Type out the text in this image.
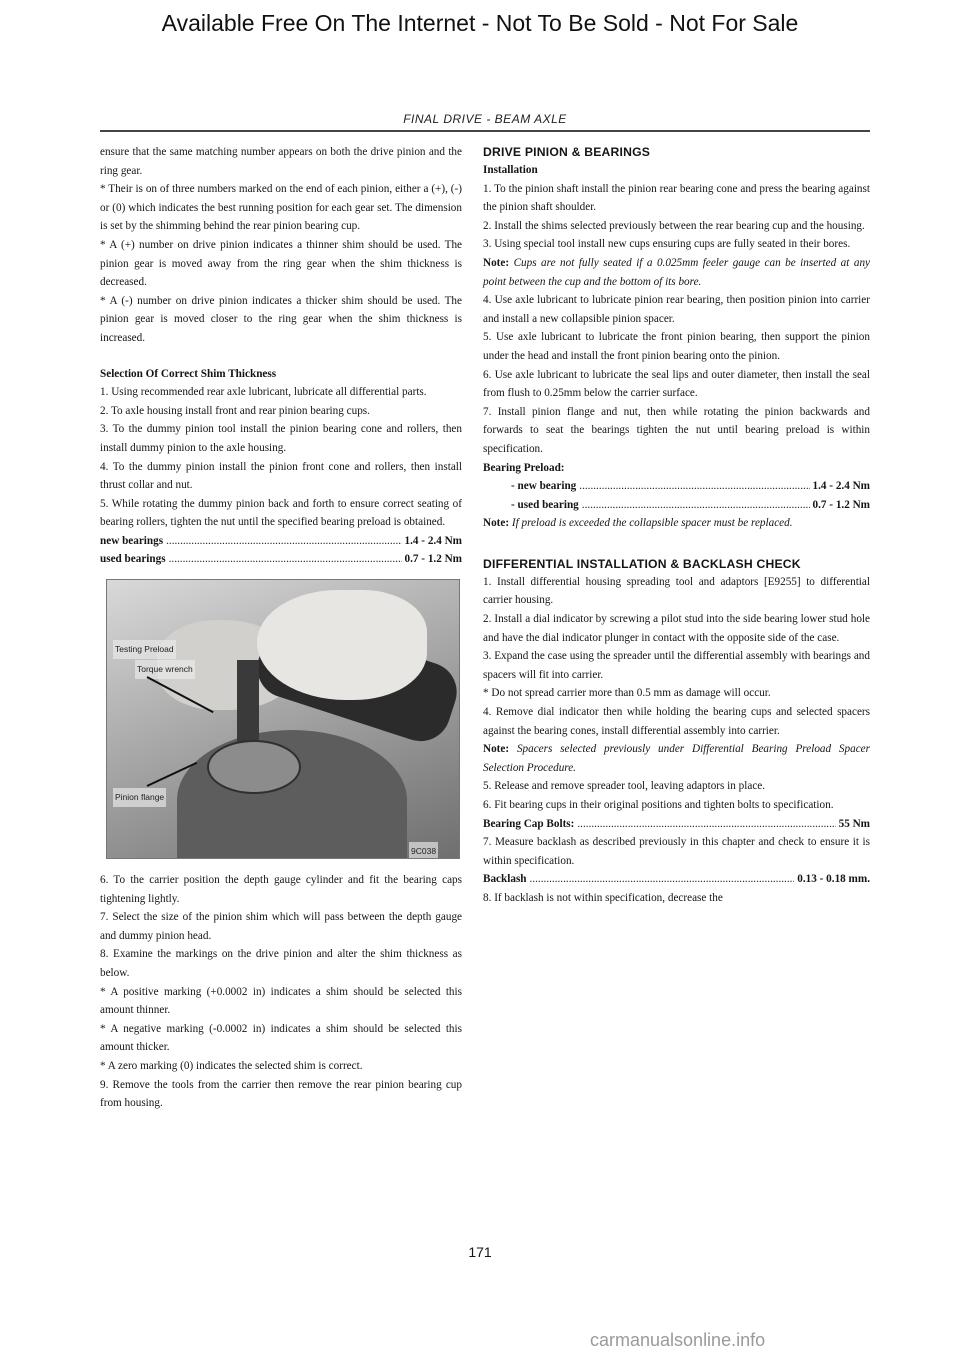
Available Free On The Internet - Not To Be Sold - Not For Sale
FINAL DRIVE - BEAM AXLE

ensure that the same matching number appears on both the drive pinion and the ring gear.

* Their is on of three numbers marked on the end of each pinion, either a (+), (-) or (0) which indicates the best running position for each gear set. The dimension is set by the shimming behind the rear pinion bearing cup.

* A (+) number on drive pinion indicates a thinner shim should be used. The pinion gear is moved away from the ring gear when the shim thickness is decreased.

* A (-) number on drive pinion indicates a thicker shim should be used. The pinion gear is moved closer to the ring gear when the shim thickness is increased.

Selection Of Correct Shim Thickness

1. Using recommended rear axle lubricant, lubricate all differential parts.

2. To axle housing install front and rear pinion bearing cups.

3. To the dummy pinion tool install the pinion bearing cone and rollers, then install dummy pinion to the axle housing.

4. To the dummy pinion install the pinion front cone and rollers, then install thrust collar and nut.

5. While rotating the dummy pinion back and forth to ensure correct seating of bearing rollers, tighten the nut until the specified bearing preload is obtained.

new bearings .....	1.4 - 2.4 Nm
used bearings .....	0.7 - 1.2 Nm
Testing Preload
Torque wrench
Pinion flange
9C038

6. To the carrier position the depth gauge cylinder and fit the bearing caps tightening lightly.

7. Select the size of the pinion shim which will pass between the depth gauge and dummy pinion head.

8. Examine the markings on the drive pinion and alter the shim thickness as below.

* A positive marking (+0.0002 in) indicates a shim should be selected this amount thinner.

* A negative marking (-0.0002 in) indicates a shim should be selected this amount thicker.

* A zero marking (0) indicates the selected shim is correct.

9. Remove the tools from the carrier then remove the rear pinion bearing cup from housing.

DRIVE PINION & BEARINGS

Installation

1. To the pinion shaft install the pinion rear bearing cone and press the bearing against the pinion shaft shoulder.

2. Install the shims selected previously between the rear bearing cup and the housing.

3. Using special tool install new cups ensuring cups are fully seated in their bores.

Note: Cups are not fully seated if a 0.025mm feeler gauge can be inserted at any point between the cup and the bottom of its bore.

4. Use axle lubricant to lubricate pinion rear bearing, then position pinion into carrier and install a new collapsible pinion spacer.

5. Use axle lubricant to lubricate the front pinion bearing, then support the pinion under the head and install the front pinion bearing onto the pinion.

6. Use axle lubricant to lubricate the seal lips and outer diameter, then install the seal from flush to 0.25mm below the carrier surface.

7. Install pinion flange and nut, then while rotating the pinion backwards and forwards to seat the bearings tighten the nut until bearing preload is within specification.

Bearing Preload:

- new bearing .....	1.4 - 2.4 Nm
- used bearing .....	0.7 - 1.2 Nm

Note: If preload is exceeded the collapsible spacer must be replaced.

DIFFERENTIAL INSTALLATION & BACKLASH CHECK

1. Install differential housing spreading tool and adaptors [E9255] to differential carrier housing.

2. Install a dial indicator by screwing a pilot stud into the side bearing lower stud hole and have the dial indicator plunger in contact with the opposite side of the case.

3. Expand the case using the spreader until the differential assembly with bearings and spacers will fit into carrier.

* Do not spread carrier more than 0.5 mm as damage will occur.

4. Remove dial indicator then while holding the bearing cups and selected spacers against the bearing cones, install differential assembly into carrier.

Note: Spacers selected previously under Differential Bearing Preload Spacer Selection Procedure.

5. Release and remove spreader tool, leaving adaptors in place.

6. Fit bearing cups in their original positions and tighten bolts to specification.

Bearing Cap Bolts: .....	55 Nm

7. Measure backlash as described previously in this chapter and check to ensure it is within specification.

Backlash .....	0.13 - 0.18 mm.

8. If backlash is not within specification, decrease the

171
carmanualsonline.info
